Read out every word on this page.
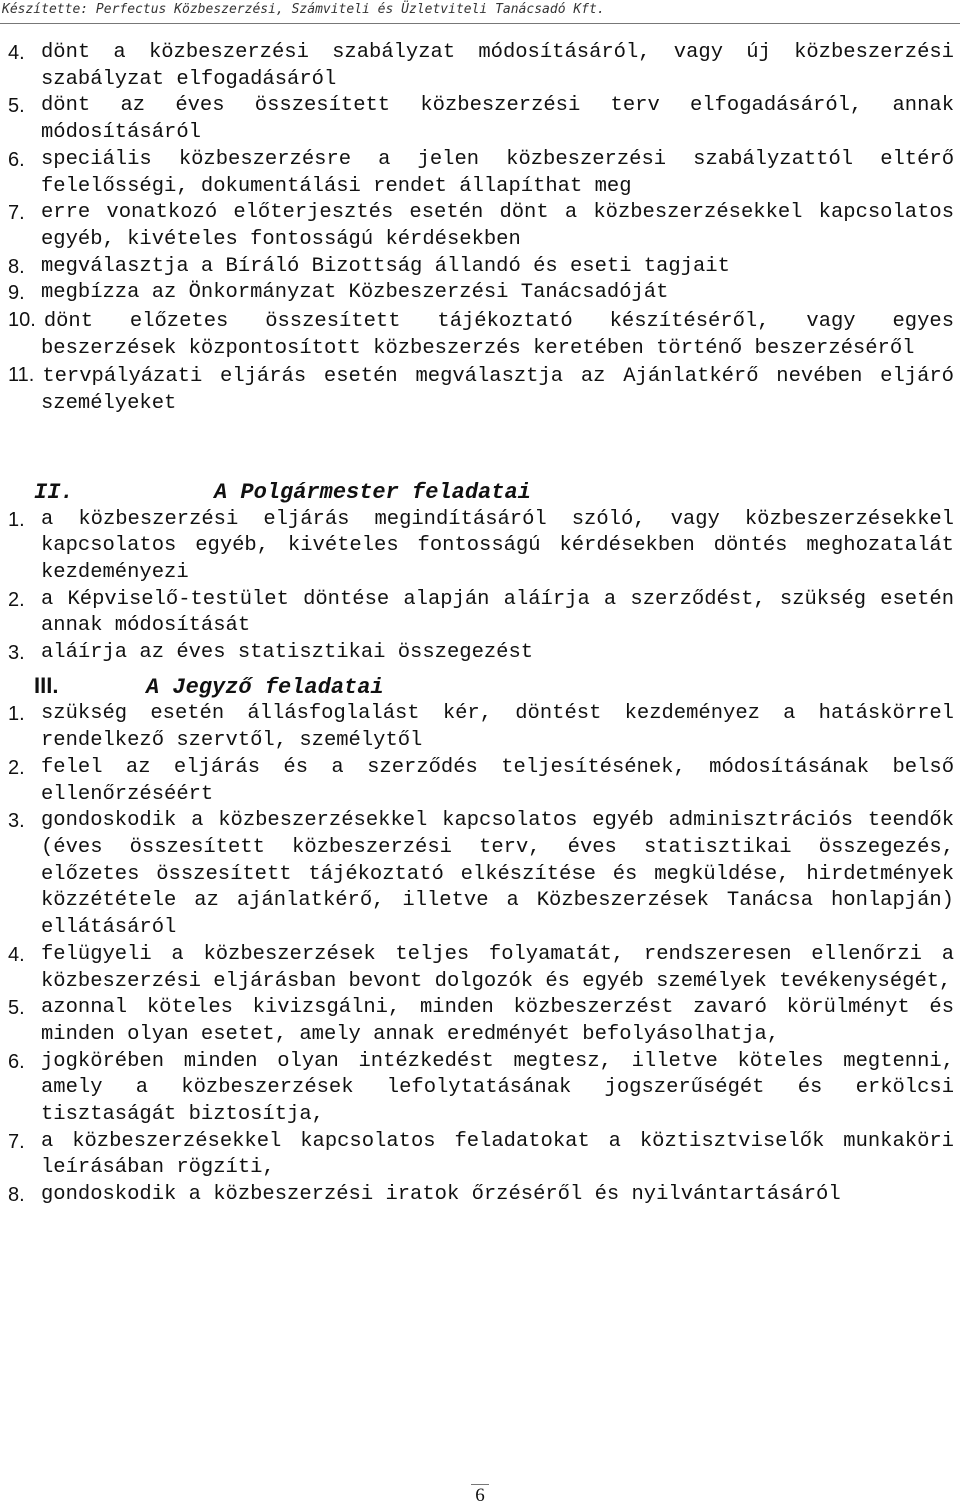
Készítette: Perfectus Közbeszerzési, Számviteli és Üzletviteli Tanácsadó Kft.
4. dönt a közbeszerzési szabályzat módosításáról, vagy új közbeszerzési szabályzat elfogadásáról
5. dönt az éves összesített közbeszerzési terv elfogadásáról, annak módosításáról
6. speciális közbeszerzésre a jelen közbeszerzési szabályzattól eltérő felelősségi, dokumentálási rendet állapíthat meg
7. erre vonatkozó előterjesztés esetén dönt a közbeszerzésekkel kapcsolatos egyéb, kivételes fontosságú kérdésekben
8. megválasztja a Bíráló Bizottság állandó és eseti tagjait
9. megbízza az Önkormányzat Közbeszerzési Tanácsadóját
10. dönt előzetes összesített tájékoztató készítéséről, vagy egyes beszerzések központosított közbeszerzés keretében történő beszerzéséről
11. tervpályázati eljárás esetén megválasztja az Ajánlatkérő nevében eljáró személyeket
II.	A Polgármester feladatai
1. a közbeszerzési eljárás megindításáról szóló, vagy közbeszerzésekkel kapcsolatos egyéb, kivételes fontosságú kérdésekben döntés meghozatalát kezdeményezi
2. a Képviselő-testület döntése alapján aláírja a szerződést, szükség esetén annak módosítását
3. aláírja az éves statisztikai összegezést
III.	A Jegyző feladatai
1. szükség esetén állásfoglalást kér, döntést kezdeményez a hatáskörrel rendelkező szervtől, személytől
2. felel az eljárás és a szerződés teljesítésének, módosításának belső ellenőrzéséért
3. gondoskodik a közbeszerzésekkel kapcsolatos egyéb adminisztrációs teendők (éves összesített közbeszerzési terv, éves statisztikai összegezés, előzetes összesített tájékoztató elkészítése és megküldése, hirdetmények közzététele az ajánlatkérő, illetve a Közbeszerzések Tanácsa honlapján) ellátásáról
4. felügyeli a közbeszerzések teljes folyamatát, rendszeresen ellenőrzi a közbeszerzési eljárásban bevont dolgozók és egyéb személyek tevékenységét,
5. azonnal köteles kivizsgálni, minden közbeszerzést zavaró körülményt és minden olyan esetet, amely annak eredményét befolyásolhatja,
6. jogkörében minden olyan intézkedést megtesz, illetve köteles megtenni, amely a közbeszerzések lefolytatásának jogszerűségét és erkölcsi tisztaságát biztosítja,
7. a közbeszerzésekkel kapcsolatos feladatokat a köztisztviselők munkaköri leírásában rögzíti,
8. gondoskodik a közbeszerzési iratok őrzéséről és nyilvántartásáról
6
